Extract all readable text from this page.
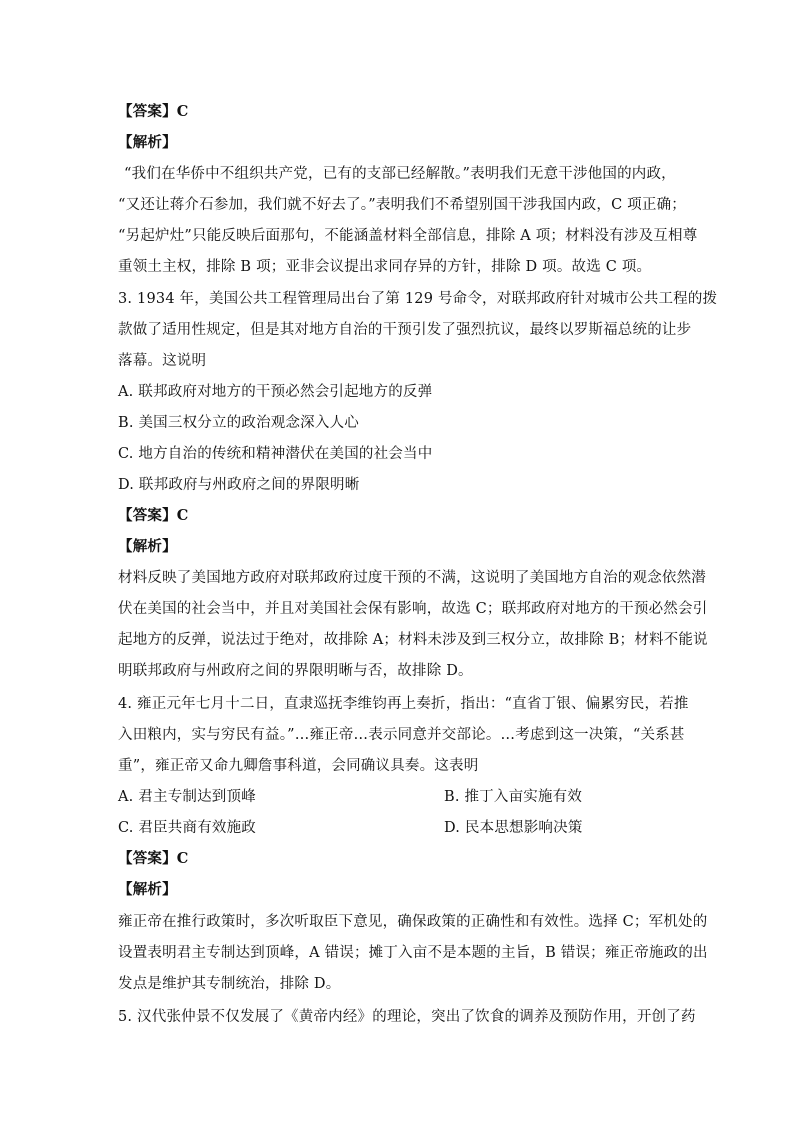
【答案】C
【解析】
“我们在华侨中不组织共产党，已有的支部已经解散。”表明我们无意干涉他国的内政，
“又还让蒋介石参加，我们就不好去了。”表明我们不希望别国干涉我国内政，C 项正确；
“另起炉灶”只能反映后面那句，不能涵盖材料全部信息，排除 A 项；材料没有涉及互相尊
重领土主权，排除 B 项；亚非会议提出求同存异的方针，排除 D 项。故选 C 项。
3. 1934 年，美国公共工程管理局出台了第 129 号命令，对联邦政府针对城市公共工程的拨
款做了适用性规定，但是其对地方自治的干预引发了强烈抗议，最终以罗斯福总统的让步
落幕。这说明
A. 联邦政府对地方的干预必然会引起地方的反弹
B. 美国三权分立的政治观念深入人心
C. 地方自治的传统和精神潜伏在美国的社会当中
D. 联邦政府与州政府之间的界限明晰
【答案】C
【解析】
材料反映了美国地方政府对联邦政府过度干预的不满，这说明了美国地方自治的观念依然潜
伏在美国的社会当中，并且对美国社会保有影响，故选 C；联邦政府对地方的干预必然会引
起地方的反弹，说法过于绝对，故排除 A；材料未涉及到三权分立，故排除 B；材料不能说
明联邦政府与州政府之间的界限明晰与否，故排除 D。
4. 雍正元年七月十二日，直隶巡抚李维钧再上奏折，指出：“直省丁银、偏累穷民，若推
入田粮内，实与穷民有益。”…雍正帝…表示同意并交部论。…考虑到这一决策，“关系甚
重”，雍正帝又命九卿詹事科道，会同确议具奏。这表明
A. 君主专制达到顶峰	B. 推丁入亩实施有效
C. 君臣共商有效施政	D. 民本思想影响决策
【答案】C
【解析】
雍正帝在推行政策时，多次听取臣下意见，确保政策的正确性和有效性。选择 C；军机处的
设置表明君主专制达到顶峰，A 错误；摊丁入亩不是本题的主旨，B 错误；雍正帝施政的出
发点是维护其专制统治，排除 D。
5. 汉代张仲景不仅发展了《黄帝内经》的理论，突出了饮食的调养及预防作用，开创了药
